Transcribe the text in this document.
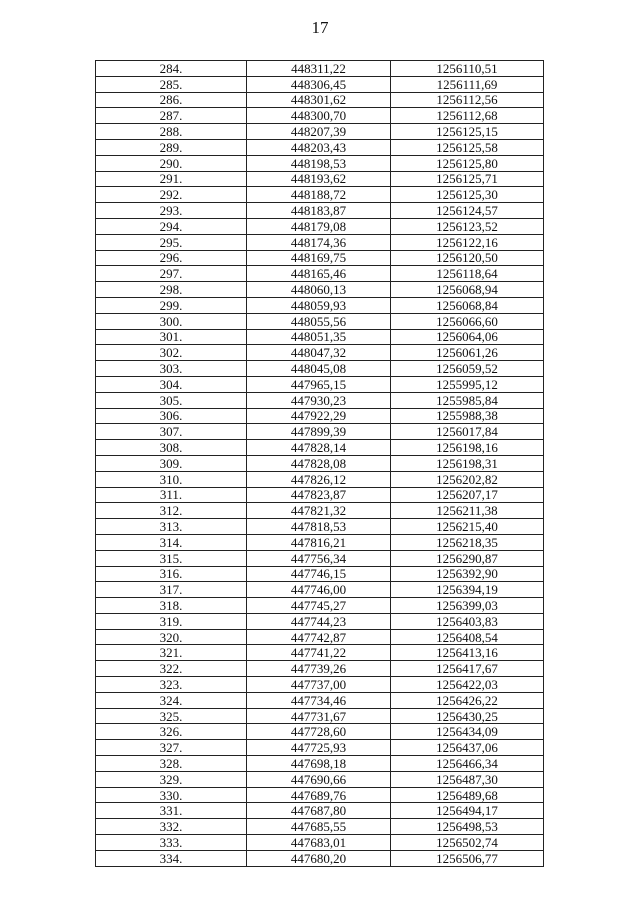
17
284.	448311,22	1256110,51
285.	448306,45	1256111,69
286.	448301,62	1256112,56
287.	448300,70	1256112,68
288.	448207,39	1256125,15
289.	448203,43	1256125,58
290.	448198,53	1256125,80
291.	448193,62	1256125,71
292.	448188,72	1256125,30
293.	448183,87	1256124,57
294.	448179,08	1256123,52
295.	448174,36	1256122,16
296.	448169,75	1256120,50
297.	448165,46	1256118,64
298.	448060,13	1256068,94
299.	448059,93	1256068,84
300.	448055,56	1256066,60
301.	448051,35	1256064,06
302.	448047,32	1256061,26
303.	448045,08	1256059,52
304.	447965,15	1255995,12
305.	447930,23	1255985,84
306.	447922,29	1255988,38
307.	447899,39	1256017,84
308.	447828,14	1256198,16
309.	447828,08	1256198,31
310.	447826,12	1256202,82
311.	447823,87	1256207,17
312.	447821,32	1256211,38
313.	447818,53	1256215,40
314.	447816,21	1256218,35
315.	447756,34	1256290,87
316.	447746,15	1256392,90
317.	447746,00	1256394,19
318.	447745,27	1256399,03
319.	447744,23	1256403,83
320.	447742,87	1256408,54
321.	447741,22	1256413,16
322.	447739,26	1256417,67
323.	447737,00	1256422,03
324.	447734,46	1256426,22
325.	447731,67	1256430,25
326.	447728,60	1256434,09
327.	447725,93	1256437,06
328.	447698,18	1256466,34
329.	447690,66	1256487,30
330.	447689,76	1256489,68
331.	447687,80	1256494,17
332.	447685,55	1256498,53
333.	447683,01	1256502,74
334.	447680,20	1256506,77
